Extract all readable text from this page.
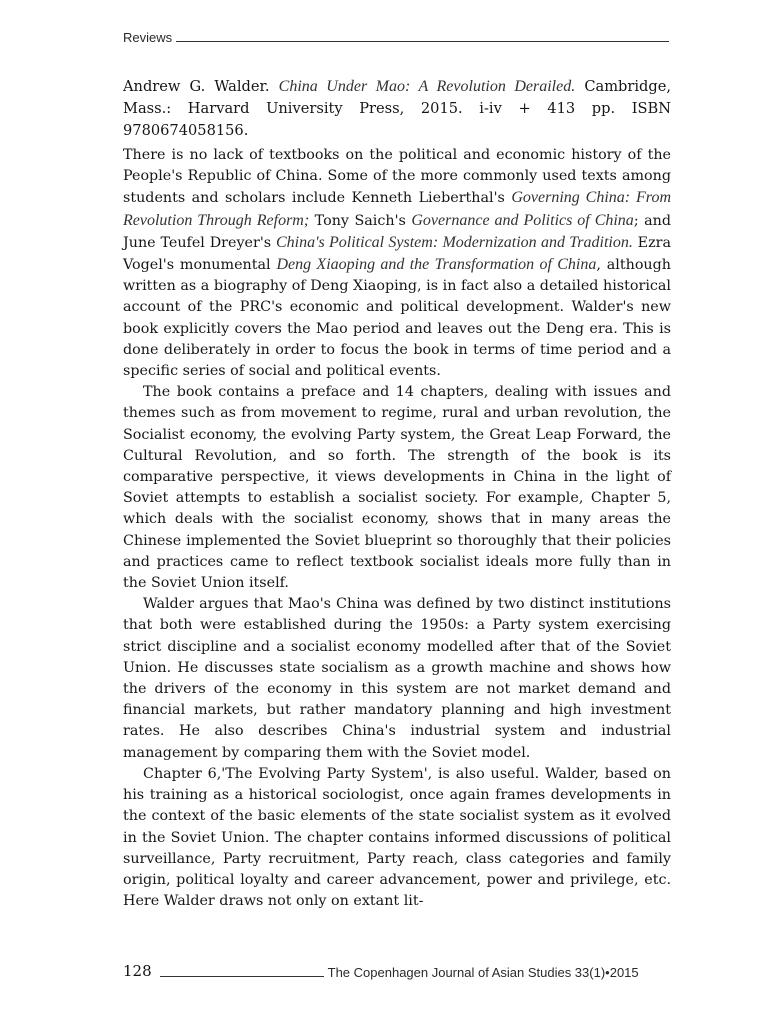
Reviews
Andrew G. Walder. China Under Mao: A Revolution Derailed. Cambridge, Mass.: Harvard University Press, 2015. i-iv + 413 pp. ISBN 9780674058156.

There is no lack of textbooks on the political and economic history of the People's Republic of China. Some of the more commonly used texts among students and scholars include Kenneth Lieberthal's Governing China: From Revolution Through Reform; Tony Saich's Governance and Politics of China; and June Teufel Dreyer's China's Political System: Modernization and Tradition. Ezra Vogel's monumental Deng Xiaoping and the Transformation of China, although written as a biography of Deng Xiaoping, is in fact also a detailed historical account of the PRC's economic and political development. Walder's new book explicitly covers the Mao period and leaves out the Deng era. This is done deliberately in order to focus the book in terms of time period and a specific series of social and political events.

The book contains a preface and 14 chapters, dealing with issues and themes such as from movement to regime, rural and urban revolution, the Socialist economy, the evolving Party system, the Great Leap Forward, the Cultural Revolution, and so forth. The strength of the book is its comparative perspective, it views developments in China in the light of Soviet attempts to establish a socialist society. For example, Chapter 5, which deals with the socialist economy, shows that in many areas the Chinese implemented the Soviet blueprint so thoroughly that their policies and practices came to reflect textbook socialist ideals more fully than in the Soviet Union itself.

Walder argues that Mao's China was defined by two distinct institutions that both were established during the 1950s: a Party system exercising strict discipline and a socialist economy modelled after that of the Soviet Union. He discusses state socialism as a growth machine and shows how the drivers of the economy in this system are not market demand and financial markets, but rather mandatory planning and high investment rates. He also describes China's industrial system and industrial management by comparing them with the Soviet model.

Chapter 6,'The Evolving Party System', is also useful. Walder, based on his training as a historical sociologist, once again frames developments in the context of the basic elements of the state socialist system as it evolved in the Soviet Union. The chapter contains informed discussions of political surveillance, Party recruitment, Party reach, class categories and family origin, political loyalty and career advancement, power and privilege, etc. Here Walder draws not only on extant lit-

128	The Copenhagen Journal of Asian Studies 33(1)•2015
